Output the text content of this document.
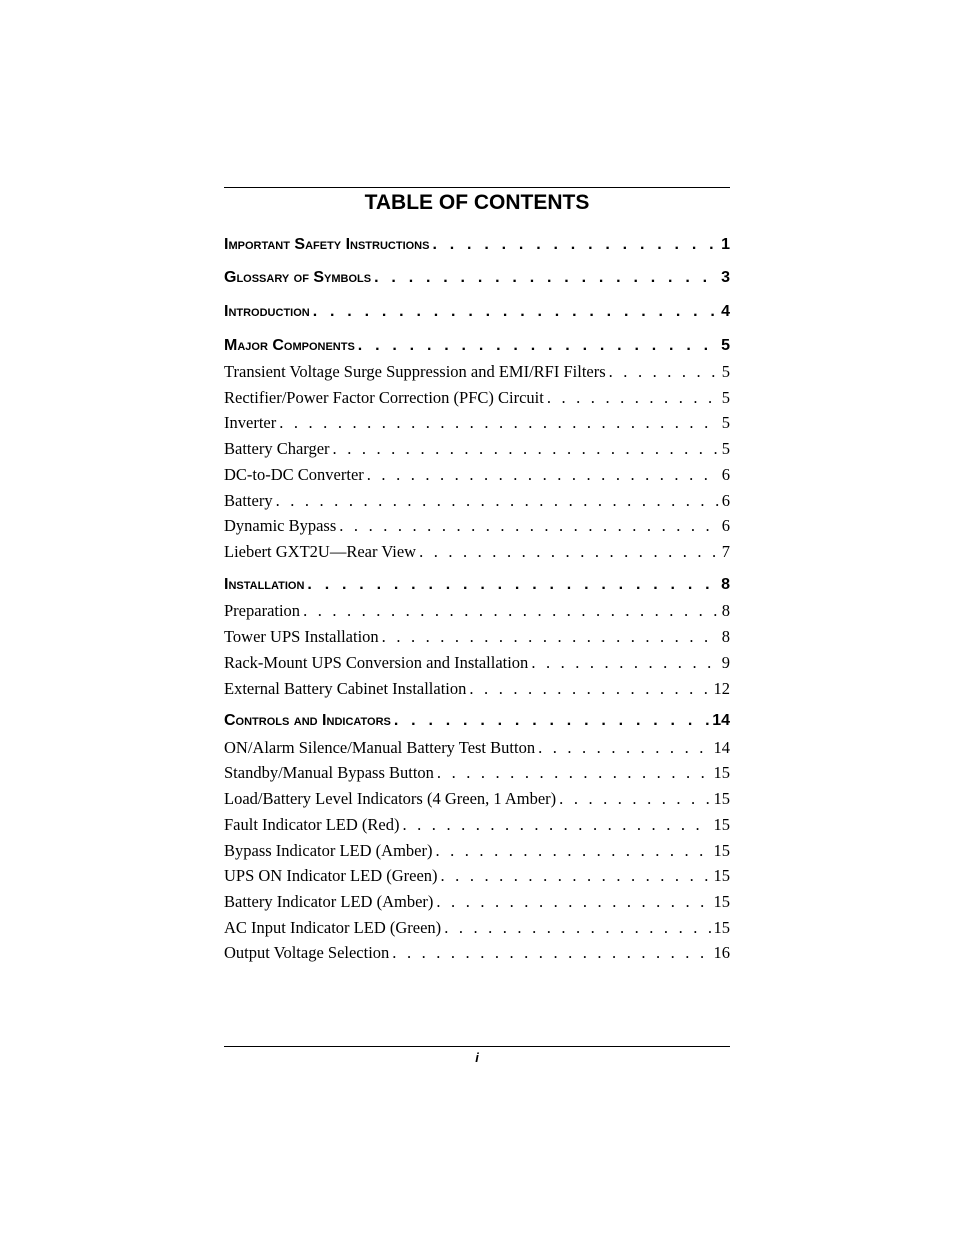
TABLE OF CONTENTS
Important Safety Instructions . . .	1
Glossary of Symbols . . .	3
Introduction . . .	4
Major Components . . .	5
Transient Voltage Surge Suppression and EMI/RFI Filters . . .	5
Rectifier/Power Factor Correction (PFC) Circuit . . .	5
Inverter . . .	5
Battery Charger . . .	5
DC-to-DC Converter . . .	6
Battery . . .	6
Dynamic Bypass . . .	6
Liebert GXT2U—Rear View . . .	7
Installation . . .	8
Preparation . . .	8
Tower UPS Installation . . .	8
Rack-Mount UPS Conversion and Installation . . .	9
External Battery Cabinet Installation . . .	12
Controls and Indicators . . .	14
ON/Alarm Silence/Manual Battery Test Button . . .	14
Standby/Manual Bypass Button . . .	15
Load/Battery Level Indicators (4 Green, 1 Amber) . . .	15
Fault Indicator LED (Red) . . .	15
Bypass Indicator LED (Amber) . . .	15
UPS ON Indicator LED (Green) . . .	15
Battery Indicator LED (Amber) . . .	15
AC Input Indicator LED (Green) . . .	15
Output Voltage Selection . . .	16
i
